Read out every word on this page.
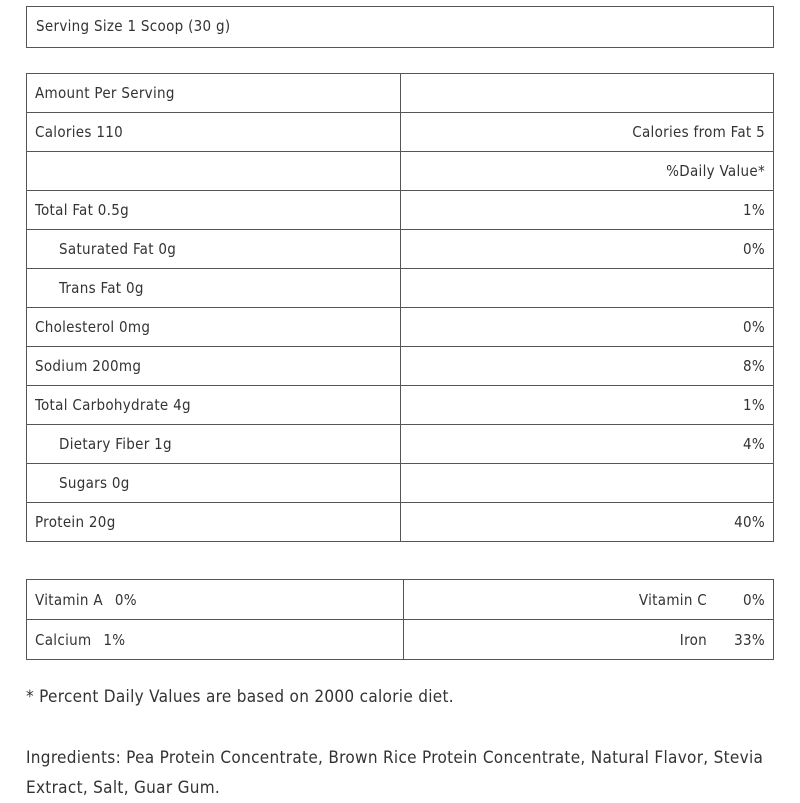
Serving Size 1 Scoop (30 g)
Amount Per Serving	
Calories 110	Calories from Fat 5
	%Daily Value*
Total Fat 0.5g	1%
Saturated Fat 0g	0%
Trans Fat 0g	
Cholesterol 0mg	0%
Sodium 200mg	8%
Total Carbohydrate 4g	1%
Dietary Fiber 1g	4%
Sugars 0g	
Protein 20g	40%
Vitamin A 0%	Vitamin C 0%
Calcium 1%	Iron 33%
* Percent Daily Values are based on 2000 calorie diet.
Ingredients: Pea Protein Concentrate, Brown Rice Protein Concentrate, Natural Flavor, Stevia Extract, Salt, Guar Gum.
